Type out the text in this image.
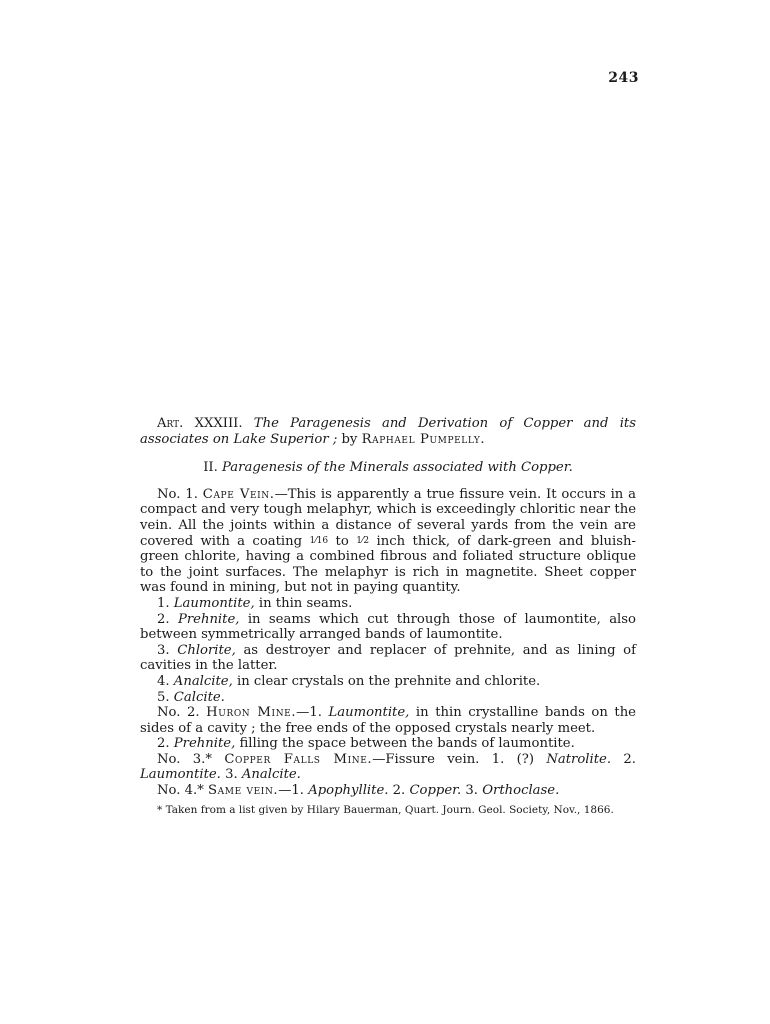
243

Art. XXXIII. The Paragenesis and Derivation of Copper and its associates on Lake Superior ; by Raphael Pumpelly.

II. Paragenesis of the Minerals associated with Copper.

No. 1. Cape Vein.—This is apparently a true fissure vein. It occurs in a compact and very tough melaphyr, which is exceedingly chloritic near the vein. All the joints within a distance of several yards from the vein are covered with a coating 1⁄16 to 1⁄2 inch thick, of dark-green and bluish-green chlorite, having a combined fibrous and foliated structure oblique to the joint surfaces. The melaphyr is rich in magnetite. Sheet copper was found in mining, but not in paying quantity.

1. Laumontite, in thin seams.

2. Prehnite, in seams which cut through those of laumontite, also between symmetrically arranged bands of laumontite.

3. Chlorite, as destroyer and replacer of prehnite, and as lining of cavities in the latter.

4. Analcite, in clear crystals on the prehnite and chlorite.

5. Calcite.

No. 2. Huron Mine.—1. Laumontite, in thin crystalline bands on the sides of a cavity ; the free ends of the opposed crystals nearly meet.

2. Prehnite, filling the space between the bands of laumontite.

No. 3.* Copper Falls Mine.—Fissure vein. 1. (?) Natrolite. 2. Laumontite. 3. Analcite.

No. 4.* Same vein.—1. Apophyllite. 2. Copper. 3. Orthoclase.

* Taken from a list given by Hilary Bauerman, Quart. Journ. Geol. Society, Nov., 1866.
